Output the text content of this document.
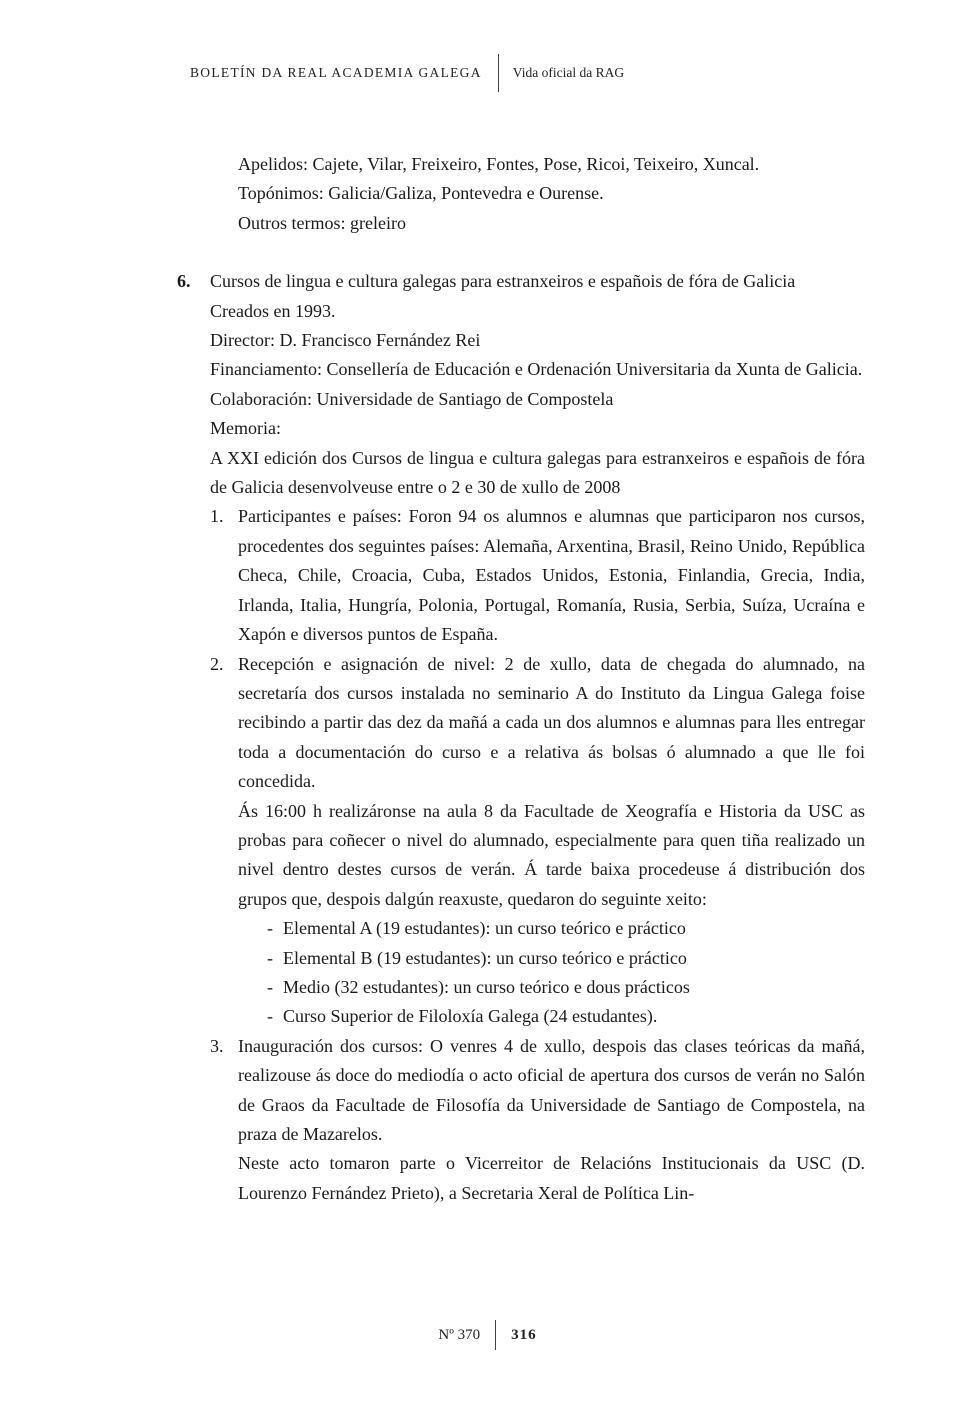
BOLETÍN DA REAL ACADEMIA GALEGA Vida oficial da RAG

Apelidos: Cajete, Vilar, Freixeiro, Fontes, Pose, Ricoi, Teixeiro, Xuncal.

Topónimos: Galicia/Galiza, Pontevedra e Ourense.

Outros termos: greleiro

6. Cursos de lingua e cultura galegas para estranxeiros e españois de fóra de Galicia

Creados en 1993.

Director: D. Francisco Fernández Rei

Financiamento: Consellería de Educación e Ordenación Universitaria da Xunta de Galicia.

Colaboración: Universidade de Santiago de Compostela

Memoria:

A XXI edición dos Cursos de lingua e cultura galegas para estranxeiros e españois de fóra de Galicia desenvolveuse entre o 2 e 30 de xullo de 2008

1. Participantes e países: Foron 94 os alumnos e alumnas que participaron nos cursos, procedentes dos seguintes países: Alemaña, Arxentina, Brasil, Reino Unido, República Checa, Chile, Croacia, Cuba, Estados Unidos, Estonia, Finlandia, Grecia, India, Irlanda, Italia, Hungría, Polonia, Portugal, Romanía, Rusia, Serbia, Suíza, Ucraína e Xapón e diversos puntos de España.

2. Recepción e asignación de nivel: 2 de xullo, data de chegada do alumnado, na secretaría dos cursos instalada no seminario A do Instituto da Lingua Galega foise recibindo a partir das dez da mañá a cada un dos alumnos e alumnas para lles entregar toda a documentación do curso e a relativa ás bolsas ó alumnado a que lle foi concedida.

Ás 16:00 h realizáronse na aula 8 da Facultade de Xeografía e Historia da USC as probas para coñecer o nivel do alumnado, especialmente para quen tiña realizado un nivel dentro destes cursos de verán. Á tarde baixa procedeuse á distribución dos grupos que, despois dalgún reaxuste, quedaron do seguinte xeito:

- Elemental A (19 estudantes): un curso teórico e práctico
- Elemental B (19 estudantes): un curso teórico e práctico
- Medio (32 estudantes): un curso teórico e dous prácticos
- Curso Superior de Filoloxía Galega (24 estudantes).
3. Inauguración dos cursos: O venres 4 de xullo, despois das clases teóricas da mañá, realizouse ás doce do mediodía o acto oficial de apertura dos cursos de verán no Salón de Graos da Facultade de Filosofía da Universidade de Santiago de Compostela, na praza de Mazarelos.

Neste acto tomaron parte o Vicerreitor de Relacións Institucionais da USC (D. Lourenzo Fernández Prieto), a Secretaria Xeral de Política Lin-

Nº 370 316
